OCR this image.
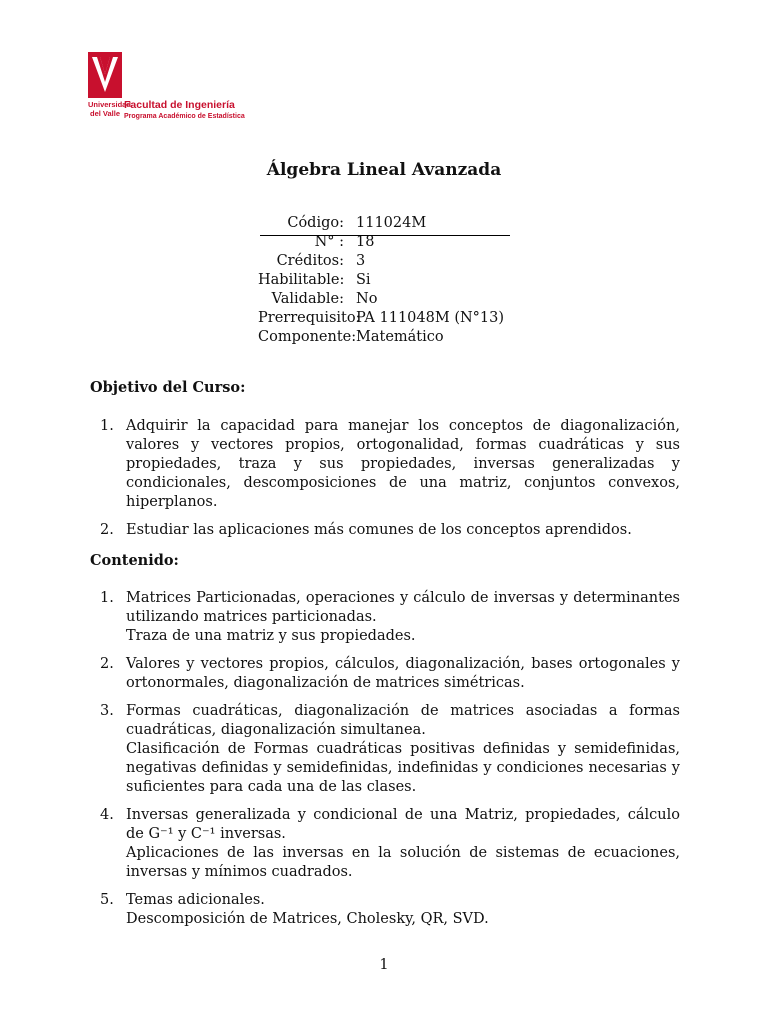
Universidad
del Valle
Facultad de Ingeniería
Programa Académico de Estadística
Álgebra Lineal Avanzada
Código: 111024M
N° : 18
Créditos: 3
Habilitable: Si
Validable: No
Prerrequisito:
PA 111048M (N°13)
Componente: Matemático
Objetivo del Curso:
1. Adquirir la capacidad para manejar los conceptos de diagonalización, valores y vectores propios, ortogonalidad, formas cuadráticas y sus propiedades, traza y sus propiedades, inversas generalizadas y condicionales, descomposiciones de una matriz, conjuntos convexos, hiperplanos.
2. Estudiar las aplicaciones más comunes de los conceptos aprendidos.
Contenido:
1. Matrices Particionadas, operaciones y cálculo de inversas y determinantes utilizando matrices particionadas.
Traza de una matriz y sus propiedades.
2. Valores y vectores propios, cálculos, diagonalización, bases ortogonales y ortonormales, diagonalización de matrices simétricas.
3. Formas cuadráticas, diagonalización de matrices asociadas a formas cuadráticas, diagonalización simultanea.
Clasificación de Formas cuadráticas positivas definidas y semidefinidas, negativas definidas y semidefinidas, indefinidas y condiciones necesarias y suficientes para cada una de las clases.
4. Inversas generalizada y condicional de una Matriz, propiedades, cálculo de G⁻¹ y C⁻¹ inversas.
Aplicaciones de las inversas en la solución de sistemas de ecuaciones, inversas y mínimos cuadrados.
5. Temas adicionales.
Descomposición de Matrices, Cholesky, QR, SVD.
1
